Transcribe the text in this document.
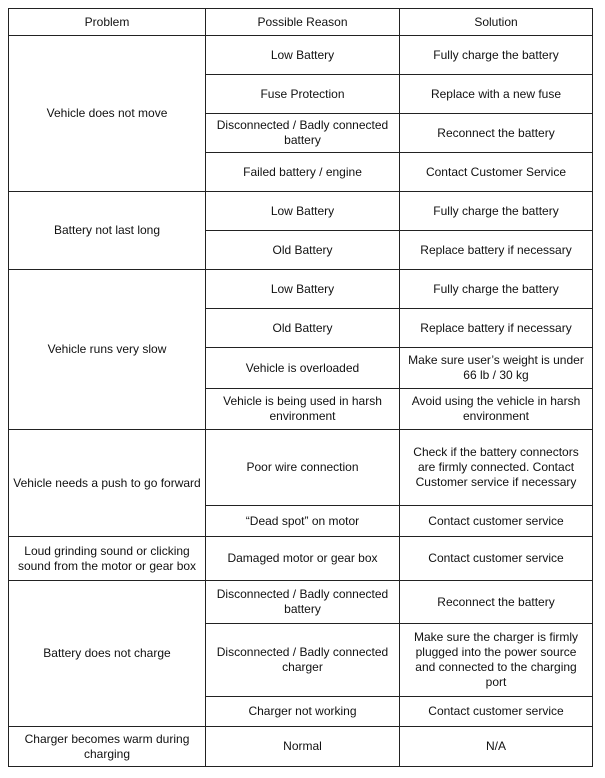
Problem	Possible Reason	Solution
Vehicle does not move	Low Battery	Fully charge the battery
	Fuse Protection	Replace with a new fuse
	Disconnected / Badly connected battery	Reconnect the battery
	Failed battery / engine	Contact Customer Service
Battery not last long	Low Battery	Fully charge the battery
	Old Battery	Replace battery if necessary
Vehicle runs very slow	Low Battery	Fully charge the battery
	Old Battery	Replace battery if necessary
	Vehicle is overloaded	Make sure user’s weight is under 66 lb / 30 kg
	Vehicle is being used in harsh environment	Avoid using the vehicle in harsh environment
Vehicle needs a push to go forward	Poor wire connection	Check if the battery connectors are firmly connected. Contact Customer service if necessary
	“Dead spot” on motor	Contact customer service
Loud grinding sound or clicking sound from the motor or gear box	Damaged motor or gear box	Contact customer service
Battery does not charge	Disconnected / Badly connected battery	Reconnect the battery
	Disconnected / Badly connected charger	Make sure the charger is firmly plugged into the power source and connected to the charging port
	Charger not working	Contact customer service
Charger becomes warm during charging	Normal	N/A
